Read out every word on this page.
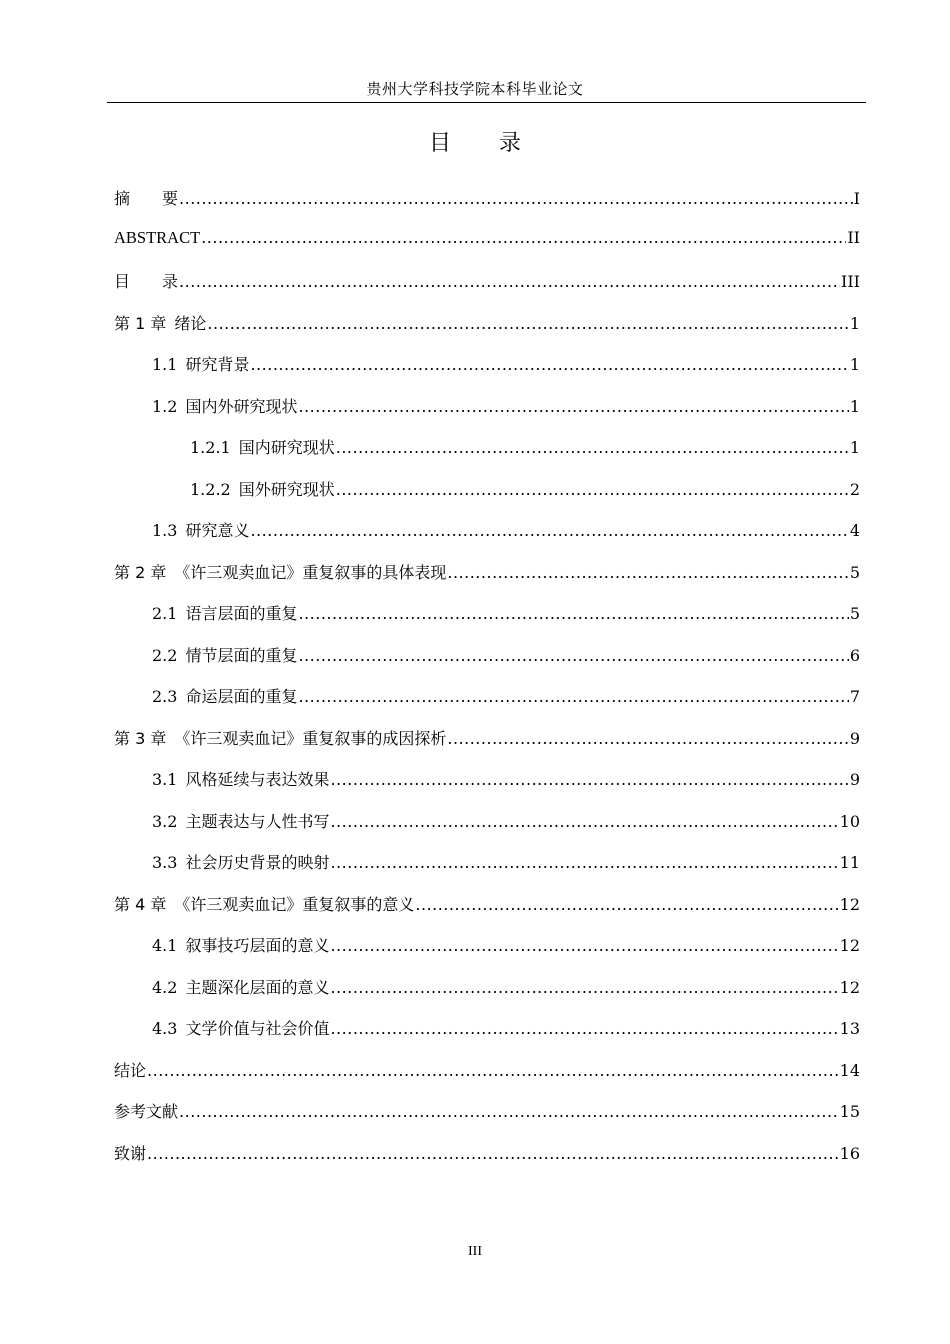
贵州大学科技学院本科毕业论文
目 录
摘　　要 .....	I
ABSTRACT .....	II
目　　录 .....	III
第 1 章 绪论 .....	1
1.1 研究背景 .....	1
1.2 国内外研究现状 .....	1
1.2.1 国内研究现状 .....	1
1.2.2 国外研究现状 .....	2
1.3 研究意义 .....	4
第 2 章 《许三观卖血记》重复叙事的具体表现 .....	5
2.1 语言层面的重复 .....	5
2.2 情节层面的重复 .....	6
2.3 命运层面的重复 .....	7
第 3 章 《许三观卖血记》重复叙事的成因探析 .....	9
3.1 风格延续与表达效果 .....	9
3.2 主题表达与人性书写 .....	10
3.3 社会历史背景的映射 .....	11
第 4 章 《许三观卖血记》重复叙事的意义 .....	12
4.1 叙事技巧层面的意义 .....	12
4.2 主题深化层面的意义 .....	12
4.3 文学价值与社会价值 .....	13
结论 .....	14
参考文献 .....	15
致谢 .....	16
III
